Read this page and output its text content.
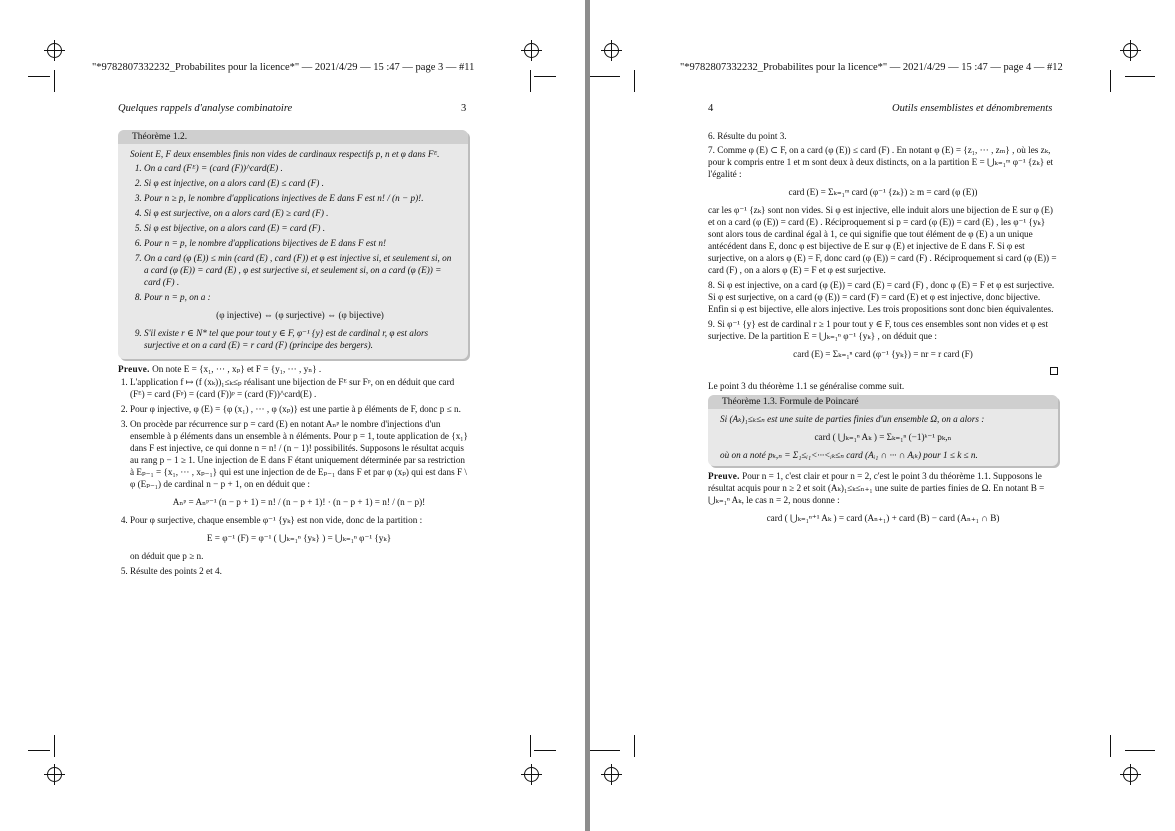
"*9782807332232_Probabilites pour la licence*" — 2021/4/29 — 15 :47 — page 3 — #11
Quelques rappels d'analyse combinatoire	3
Théorème 1.2.
Soient E, F deux ensembles finis non vides de cardinaux respectifs p, n et φ dans Fᴱ.
1. On a card (Fᴱ) = (card (F))^card(E) .
2. Si φ est injective, on a alors card (E) ≤ card (F) .
3. Pour n ≥ p, le nombre d'applications injectives de E dans F est n! / (n − p)!.
4. Si φ est surjective, on a alors card (E) ≥ card (F) .
5. Si φ est bijective, on a alors card (E) = card (F) .
6. Pour n = p, le nombre d'applications bijectives de E dans F est n!
7. On a card (φ (E)) ≤ min (card (E) , card (F)) et φ est injective si, et seulement si, on a card (φ (E)) = card (E) , φ est surjective si, et seulement si, on a card (φ (E)) = card (F) .
8. Pour n = p, on a :
(φ injective) ⇔ (φ surjective) ⇔ (φ bijective)
9. S'il existe r ∈ N* tel que pour tout y ∈ F, φ⁻¹ {y} est de cardinal r, φ est alors surjective et on a card (E) = r card (F) (principe des bergers).
Preuve. On note E = {x₁, ··· , xₚ} et F = {y₁, ··· , yₙ} .
1. L'application f ↦ (f (xₖ))₁≤ₖ≤ₚ réalisant une bijection de Fᴱ sur Fᵖ, on en déduit que card (Fᴱ) = card (Fᵖ) = (card (F))ᵖ = (card (F))^card(E) .
2. Pour φ injective, φ (E) = {φ (x₁) , ··· , φ (xₚ)} est une partie à p éléments de F, donc p ≤ n.
3. On procède par récurrence sur p = card (E) en notant Aₙᵖ le nombre d'injections d'un ensemble à p éléments dans un ensemble à n éléments. Pour p = 1, toute application de {x₁} dans F est injective, ce qui donne n = n! / (n − 1)! possibilités. Supposons le résultat acquis au rang p − 1 ≥ 1. Une injection de E dans F étant uniquement déterminée par sa restriction à Eₚ₋₁ = {x₁, ··· , xₚ₋₁} qui est une injection de de Eₚ₋₁ dans F et par φ (xₚ) qui est dans F \ φ (Eₚ₋₁) de cardinal n − p + 1, on en déduit que :
Aₙᵖ = Aₙᵖ⁻¹ (n − p + 1) = n! / (n − p + 1)! · (n − p + 1) = n! / (n − p)!
4. Pour φ surjective, chaque ensemble φ⁻¹ {yₖ} est non vide, donc de la partition :
E = φ⁻¹ (F) = φ⁻¹ ( ⋃ₖ₌₁ⁿ {yₖ} ) = ⋃ₖ₌₁ⁿ φ⁻¹ {yₖ}
on déduit que p ≥ n.
5. Résulte des points 2 et 4.
"*9782807332232_Probabilites pour la licence*" — 2021/4/29 — 15 :47 — page 4 — #12
4	Outils ensemblistes et dénombrements
6. Résulte du point 3.
7. Comme φ (E) ⊂ F, on a card (φ (E)) ≤ card (F) . En notant φ (E) = {z₁, ··· , zₘ} , où les zₖ, pour k compris entre 1 et m sont deux à deux distincts, on a la partition E = ⋃ₖ₌₁ᵐ φ⁻¹ {zₖ} et l'égalité :
card (E) = Σₖ₌₁ᵐ card (φ⁻¹ {zₖ}) ≥ m = card (φ (E))
car les φ⁻¹ {zₖ} sont non vides. Si φ est injective, elle induit alors une bijection de E sur φ (E) et on a card (φ (E)) = card (E) . Réciproquement si p = card (φ (E)) = card (E) , les φ⁻¹ {yₖ} sont alors tous de cardinal égal à 1, ce qui signifie que tout élément de φ (E) a un unique antécédent dans E, donc φ est bijective de E sur φ (E) et injective de E dans F. Si φ est surjective, on a alors φ (E) = F, donc card (φ (E)) = card (F) . Réciproquement si card (φ (E)) = card (F) , on a alors φ (E) = F et φ est surjective.
8. Si φ est injective, on a card (φ (E)) = card (E) = card (F) , donc φ (E) = F et φ est surjective. Si φ est surjective, on a card (φ (E)) = card (F) = card (E) et φ est injective, donc bijective. Enfin si φ est bijective, elle alors injective. Les trois propositions sont donc bien équivalentes.
9. Si φ⁻¹ {y} est de cardinal r ≥ 1 pour tout y ∈ F, tous ces ensembles sont non vides et φ est surjective. De la partition E = ⋃ₖ₌₁ⁿ φ⁻¹ {yₖ} , on déduit que :
card (E) = Σₖ₌₁ⁿ card (φ⁻¹ {yₖ}) = nr = r card (F)
Le point 3 du théorème 1.1 se généralise comme suit.
Théorème 1.3. Formule de Poincaré
Si (Aₖ)₁≤ₖ≤ₙ est une suite de parties finies d'un ensemble Ω, on a alors :
card ( ⋃ₖ₌₁ⁿ Aₖ ) = Σₖ₌₁ⁿ (−1)ᵏ⁻¹ pₖ,ₙ
où on a noté pₖ,ₙ = Σ₁≤ᵢ₁<···<ᵢₖ≤ₙ card (Aᵢ₁ ∩ ··· ∩ Aᵢₖ) pour 1 ≤ k ≤ n.
Preuve. Pour n = 1, c'est clair et pour n = 2, c'est le point 3 du théorème 1.1. Supposons le résultat acquis pour n ≥ 2 et soit (Aₖ)₁≤ₖ≤ₙ₊₁ une suite de parties finies de Ω. En notant B = ⋃ₖ₌₁ⁿ Aₖ, le cas n = 2, nous donne :
card ( ⋃ₖ₌₁ⁿ⁺¹ Aₖ ) = card (Aₙ₊₁) + card (B) − card (Aₙ₊₁ ∩ B)
